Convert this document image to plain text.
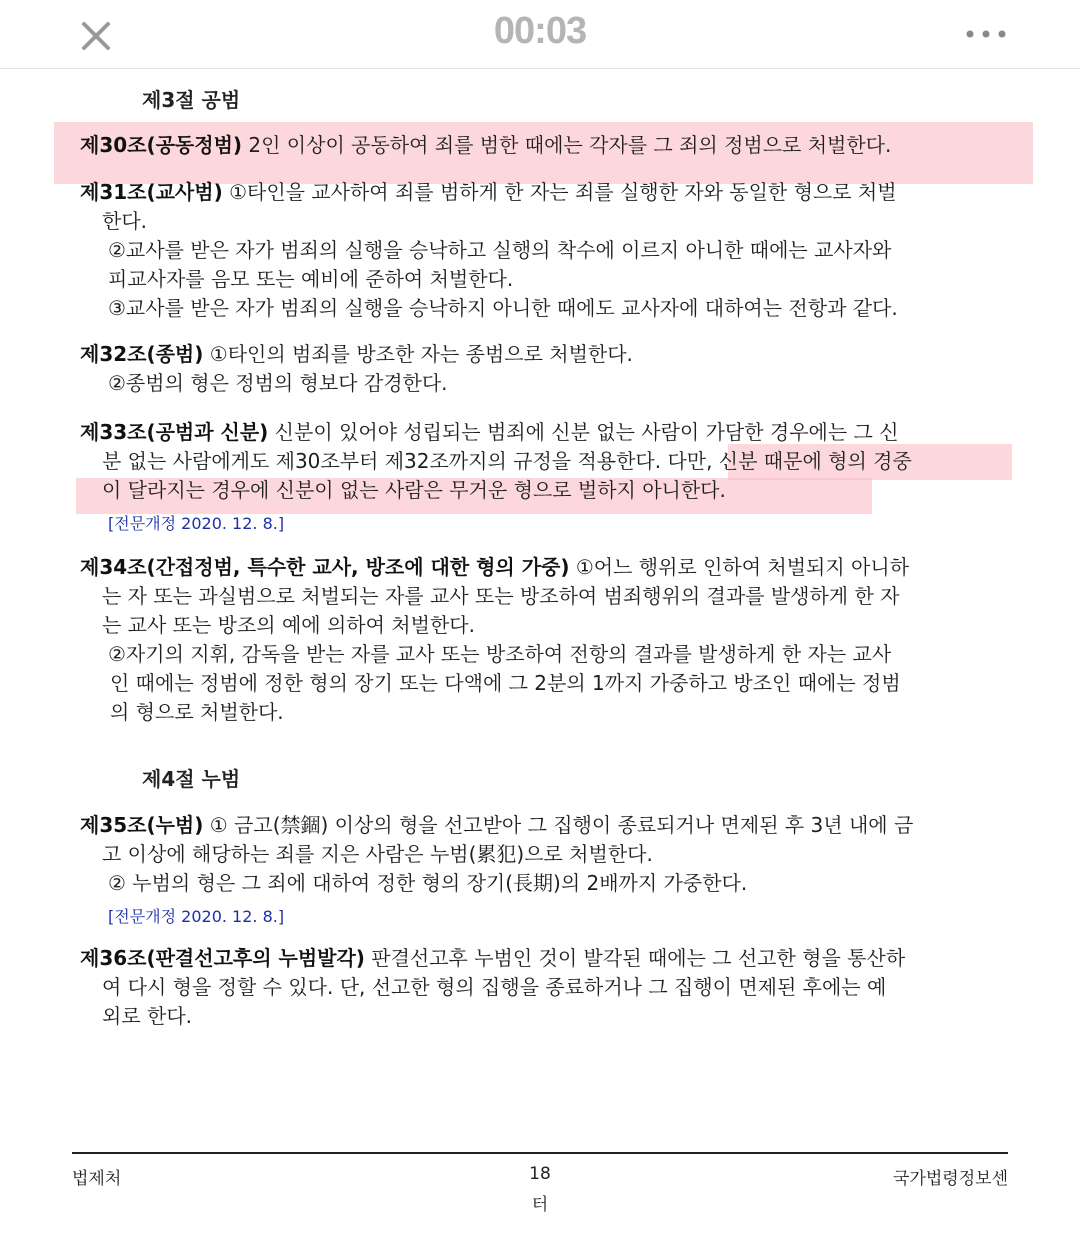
00:03
제3절 공범
제30조(공동정범) 2인 이상이 공동하여 죄를 범한 때에는 각자를 그 죄의 정범으로 처벌한다.
제31조(교사범) ①타인을 교사하여 죄를 범하게 한 자는 죄를 실행한 자와 동일한 형으로 처벌
한다.
②교사를 받은 자가 범죄의 실행을 승낙하고 실행의 착수에 이르지 아니한 때에는 교사자와
피교사자를 음모 또는 예비에 준하여 처벌한다.
③교사를 받은 자가 범죄의 실행을 승낙하지 아니한 때에도 교사자에 대하여는 전항과 같다.
제32조(종범) ①타인의 범죄를 방조한 자는 종범으로 처벌한다.
②종범의 형은 정범의 형보다 감경한다.
제33조(공범과 신분) 신분이 있어야 성립되는 범죄에 신분 없는 사람이 가담한 경우에는 그 신
분 없는 사람에게도 제30조부터 제32조까지의 규정을 적용한다. 다만, 신분 때문에 형의 경중
이 달라지는 경우에 신분이 없는 사람은 무거운 형으로 벌하지 아니한다.
[전문개정 2020. 12. 8.]
제34조(간접정범, 특수한 교사, 방조에 대한 형의 가중) ①어느 행위로 인하여 처벌되지 아니하
는 자 또는 과실범으로 처벌되는 자를 교사 또는 방조하여 범죄행위의 결과를 발생하게 한 자
는 교사 또는 방조의 예에 의하여 처벌한다.
②자기의 지휘, 감독을 받는 자를 교사 또는 방조하여 전항의 결과를 발생하게 한 자는 교사
인 때에는 정범에 정한 형의 장기 또는 다액에 그 2분의 1까지 가중하고 방조인 때에는 정범
의 형으로 처벌한다.
제4절 누범
제35조(누범) ① 금고(禁錮) 이상의 형을 선고받아 그 집행이 종료되거나 면제된 후 3년 내에 금
고 이상에 해당하는 죄를 지은 사람은 누범(累犯)으로 처벌한다.
② 누범의 형은 그 죄에 대하여 정한 형의 장기(長期)의 2배까지 가중한다.
[전문개정 2020. 12. 8.]
제36조(판결선고후의 누범발각) 판결선고후 누범인 것이 발각된 때에는 그 선고한 형을 통산하
여 다시 형을 정할 수 있다. 단, 선고한 형의 집행을 종료하거나 그 집행이 면제된 후에는 예
외로 한다.
법제처	18	국가법령정보센
터
